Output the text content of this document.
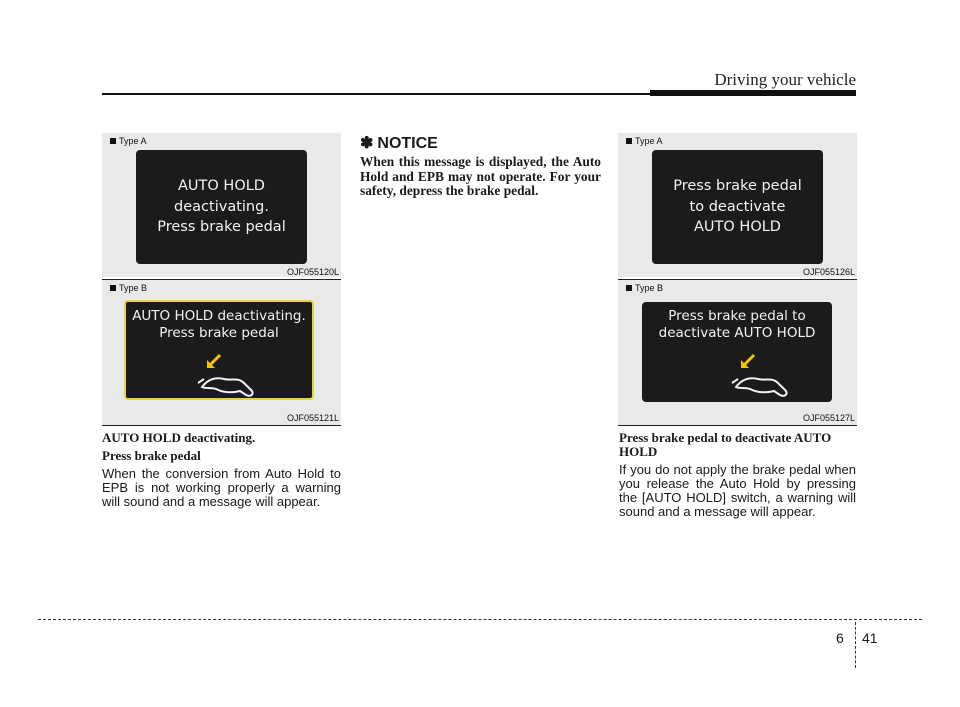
Driving your vehicle
Type A
AUTO HOLD
deactivating.
Press brake pedal
OJF055120L
Type B
AUTO HOLD deactivating.
Press brake pedal
OJF055121L

AUTO HOLD deactivating.

Press brake pedal

When the conversion from Auto Hold to EPB is not working properly a warning will sound and a message will appear.

✽ NOTICE

When this message is displayed, the Auto Hold and EPB may not operate. For your safety, depress the brake pedal.

Type A
Press brake pedal
to deactivate
AUTO HOLD
OJF055126L
Type B
Press brake pedal to
deactivate AUTO HOLD
OJF055127L

Press brake pedal to deactivate AUTO HOLD

If you do not apply the brake pedal when you release the Auto Hold by pressing the [AUTO HOLD] switch, a warning will sound and a message will appear.

6 41
